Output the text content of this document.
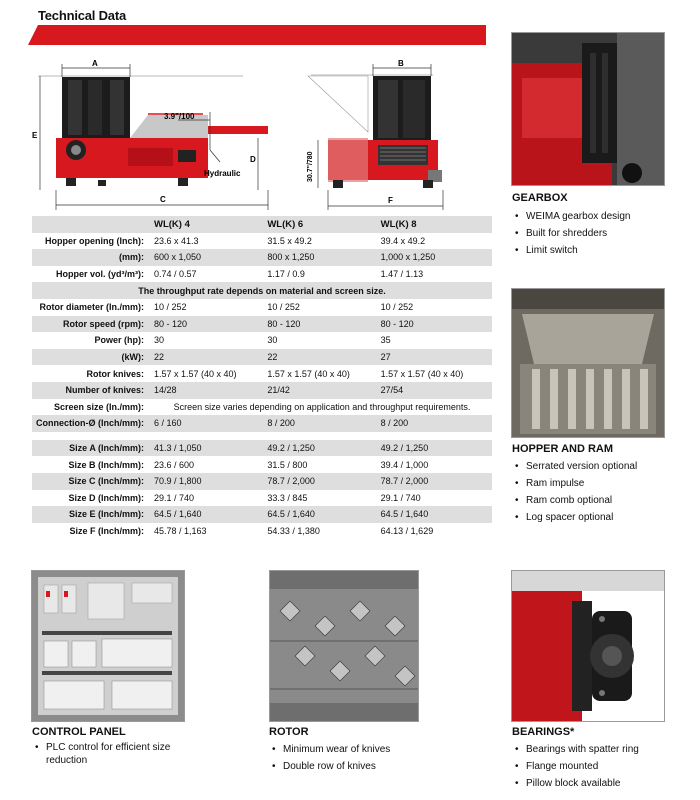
Technical Data
A	B
C
D
E
F
3.9"/100
Hydraulic	30.7"/780
	WL(K) 4	WL(K) 6	WL(K) 8
Hopper opening (Inch):	23.6 x 41.3	31.5 x 49.2	39.4 x 49.2
(mm):	600 x 1,050	800 x 1,250	1,000 x 1,250
Hopper vol. (yd³/m³):	0.74 / 0.57	1.17 / 0.9	1.47 / 1.13
The throughput rate depends on material and screen size.			
Rotor diameter (In./mm):	10 / 252	10 / 252	10 / 252
Rotor speed (rpm):	80 - 120	80 - 120	80 - 120
Power (hp):	30	30	35
(kW):	22	22	27
Rotor knives:	1.57 x 1.57 (40 x 40)	1.57 x 1.57 (40 x 40)	1.57 x 1.57 (40 x 40)
Number of knives:	14/28	21/42	27/54
Screen size (In./mm):	Screen size varies depending on application and throughput requirements.		
Connection-Ø (Inch/mm):	6 / 160	8 / 200	8 / 200

Size A (Inch/mm):	41.3 / 1,050	49.2 / 1,250	49.2 / 1,250
Size B (Inch/mm):	23.6 / 600	31.5 / 800	39.4 / 1,000
Size C (Inch/mm):	70.9 / 1,800	78.7 / 2,000	78.7 / 2,000
Size D (Inch/mm):	29.1 / 740	33.3 / 845	29.1 / 740
Size E (Inch/mm):	64.5 / 1,640	64.5 / 1,640	64.5 / 1,640
Size F (Inch/mm):	45.78 / 1,163	54.33 / 1,380	64.13 / 1,629
GEARBOX
• WEIMA gearbox design
• Built for shredders
• Limit switch
HOPPER AND RAM
• Serrated version optional
• Ram impulse
• Ram comb optional
• Log spacer optional
CONTROL PANEL
• PLC control for efficient size reduction
ROTOR
• Minimum wear of knives
• Double row of knives
BEARINGS*
• Bearings with spatter ring
• Flange mounted
• Pillow block available
